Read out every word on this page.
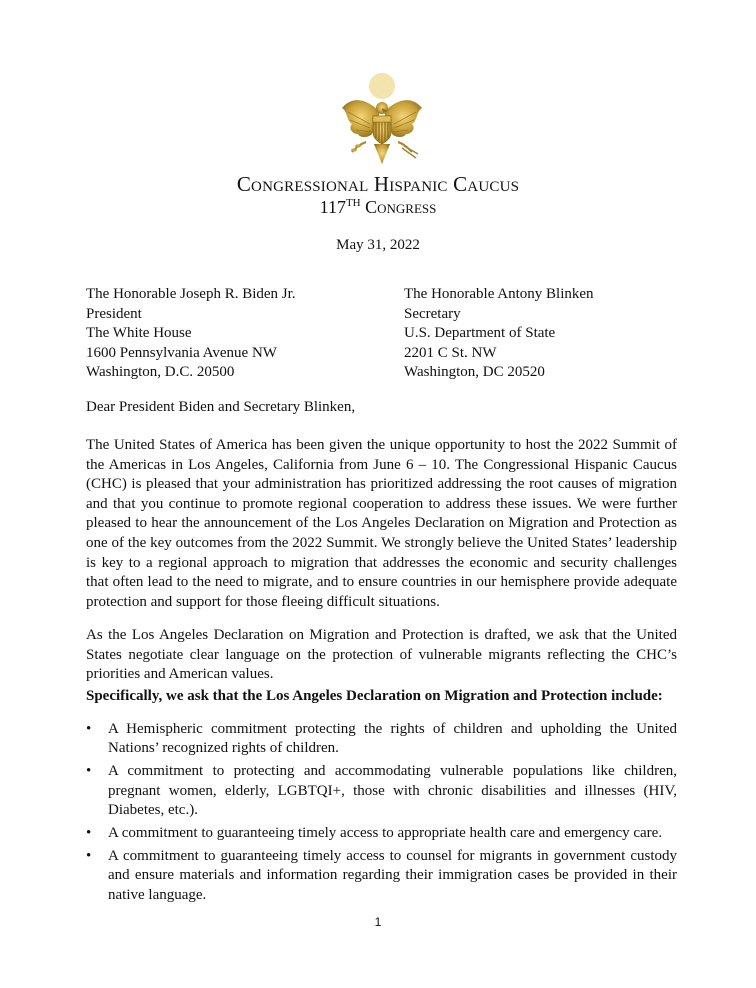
Congressional Hispanic Caucus
117TH Congress
May 31, 2022
The Honorable Joseph R. Biden Jr.
President
The White House
1600 Pennsylvania Avenue NW
Washington, D.C. 20500
The Honorable Antony Blinken
Secretary
U.S. Department of State
2201 C St. NW
Washington, DC 20520
Dear President Biden and Secretary Blinken,
The United States of America has been given the unique opportunity to host the 2022 Summit of the Americas in Los Angeles, California from June 6 – 10. The Congressional Hispanic Caucus (CHC) is pleased that your administration has prioritized addressing the root causes of migration and that you continue to promote regional cooperation to address these issues. We were further pleased to hear the announcement of the Los Angeles Declaration on Migration and Protection as one of the key outcomes from the 2022 Summit. We strongly believe the United States’ leadership is key to a regional approach to migration that addresses the economic and security challenges that often lead to the need to migrate, and to ensure countries in our hemisphere provide adequate protection and support for those fleeing difficult situations.
As the Los Angeles Declaration on Migration and Protection is drafted, we ask that the United States negotiate clear language on the protection of vulnerable migrants reflecting the CHC’s priorities and American values.
Specifically, we ask that the Los Angeles Declaration on Migration and Protection include:
• A Hemispheric commitment protecting the rights of children and upholding the United Nations’ recognized rights of children.
• A commitment to protecting and accommodating vulnerable populations like children, pregnant women, elderly, LGBTQI+, those with chronic disabilities and illnesses (HIV, Diabetes, etc.).
• A commitment to guaranteeing timely access to appropriate health care and emergency care.
• A commitment to guaranteeing timely access to counsel for migrants in government custody and ensure materials and information regarding their immigration cases be provided in their native language.
1
